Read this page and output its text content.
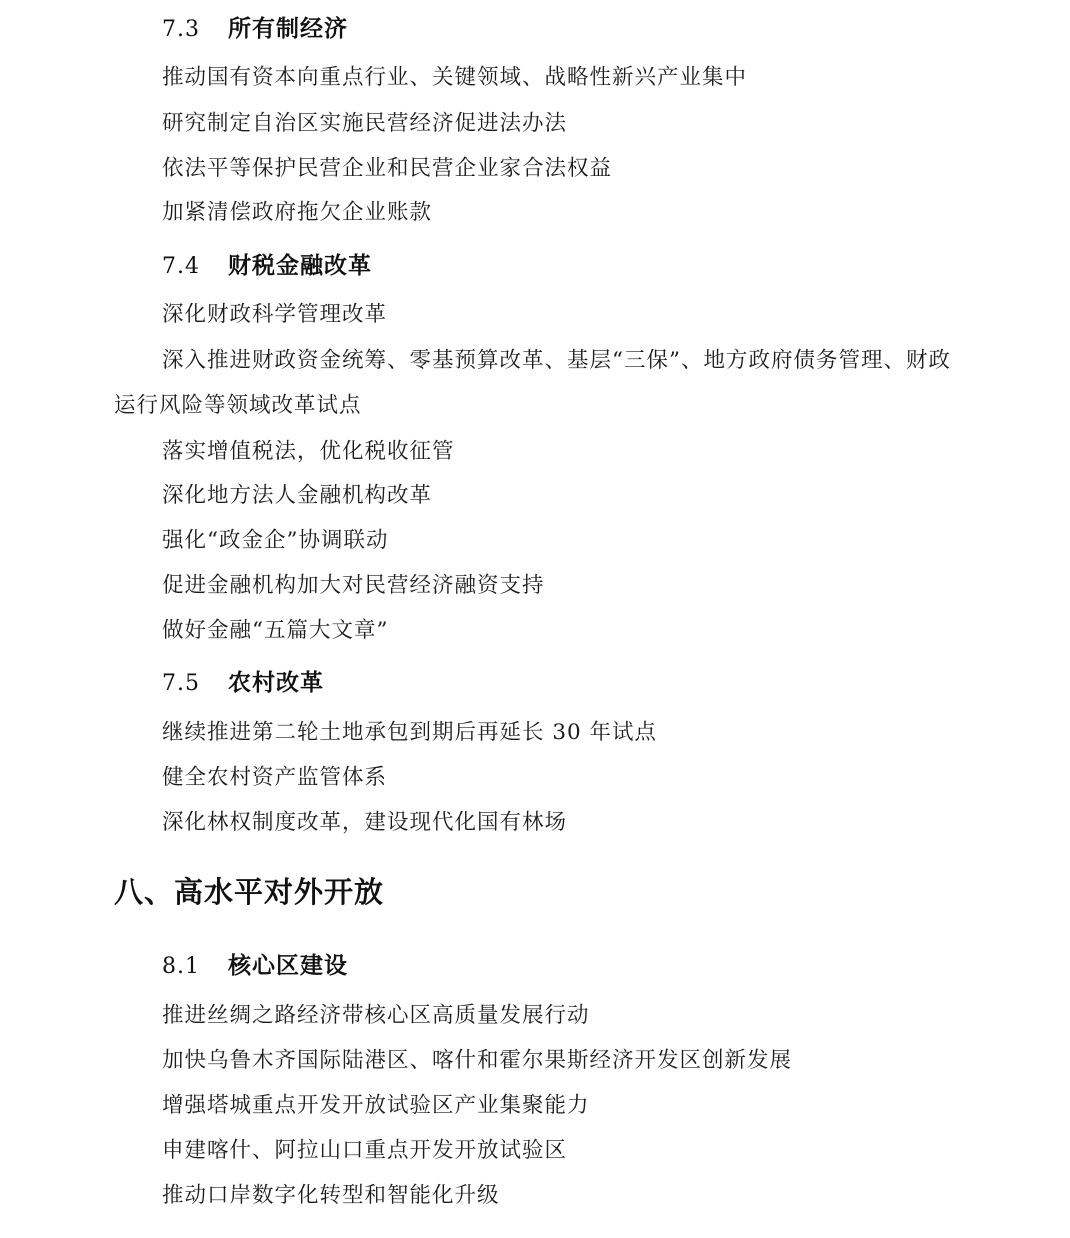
7.3 所有制经济
推动国有资本向重点行业、关键领域、战略性新兴产业集中
研究制定自治区实施民营经济促进法办法
依法平等保护民营企业和民营企业家合法权益
加紧清偿政府拖欠企业账款
7.4 财税金融改革
深化财政科学管理改革
深入推进财政资金统筹、零基预算改革、基层“三保”、地方政府债务管理、财政
运行风险等领域改革试点
落实增值税法，优化税收征管
深化地方法人金融机构改革
强化“政金企”协调联动
促进金融机构加大对民营经济融资支持
做好金融“五篇大文章”
7.5 农村改革
继续推进第二轮土地承包到期后再延长 30 年试点
健全农村资产监管体系
深化林权制度改革，建设现代化国有林场
八、高水平对外开放
8.1 核心区建设
推进丝绸之路经济带核心区高质量发展行动
加快乌鲁木齐国际陆港区、喀什和霍尔果斯经济开发区创新发展
增强塔城重点开发开放试验区产业集聚能力
申建喀什、阿拉山口重点开发开放试验区
推动口岸数字化转型和智能化升级
